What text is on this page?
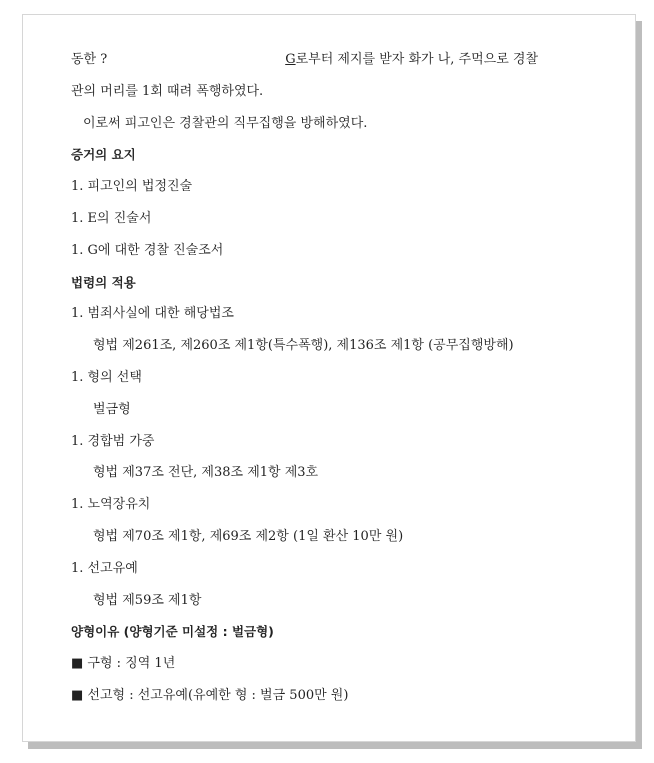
동한 ?	G로부터 제지를 받자 화가 나, 주먹으로 경찰
관의 머리를 1회 때려 폭행하였다.
이로써 피고인은 경찰관의 직무집행을 방해하였다.
증거의 요지
1. 피고인의 법정진술
1. E의 진술서
1. G에 대한 경찰 진술조서
법령의 적용
1. 범죄사실에 대한 해당법조
형법 제261조, 제260조 제1항(특수폭행), 제136조 제1항 (공무집행방해)
1. 형의 선택
벌금형
1. 경합범 가중
형법 제37조 전단, 제38조 제1항 제3호
1. 노역장유치
형법 제70조 제1항, 제69조 제2항 (1일 환산 10만 원)
1. 선고유예
형법 제59조 제1항
양형이유 (양형기준 미설정 : 벌금형)
■ 구형 : 징역 1년
■ 선고형 : 선고유예(유예한 형 : 벌금 500만 원)
